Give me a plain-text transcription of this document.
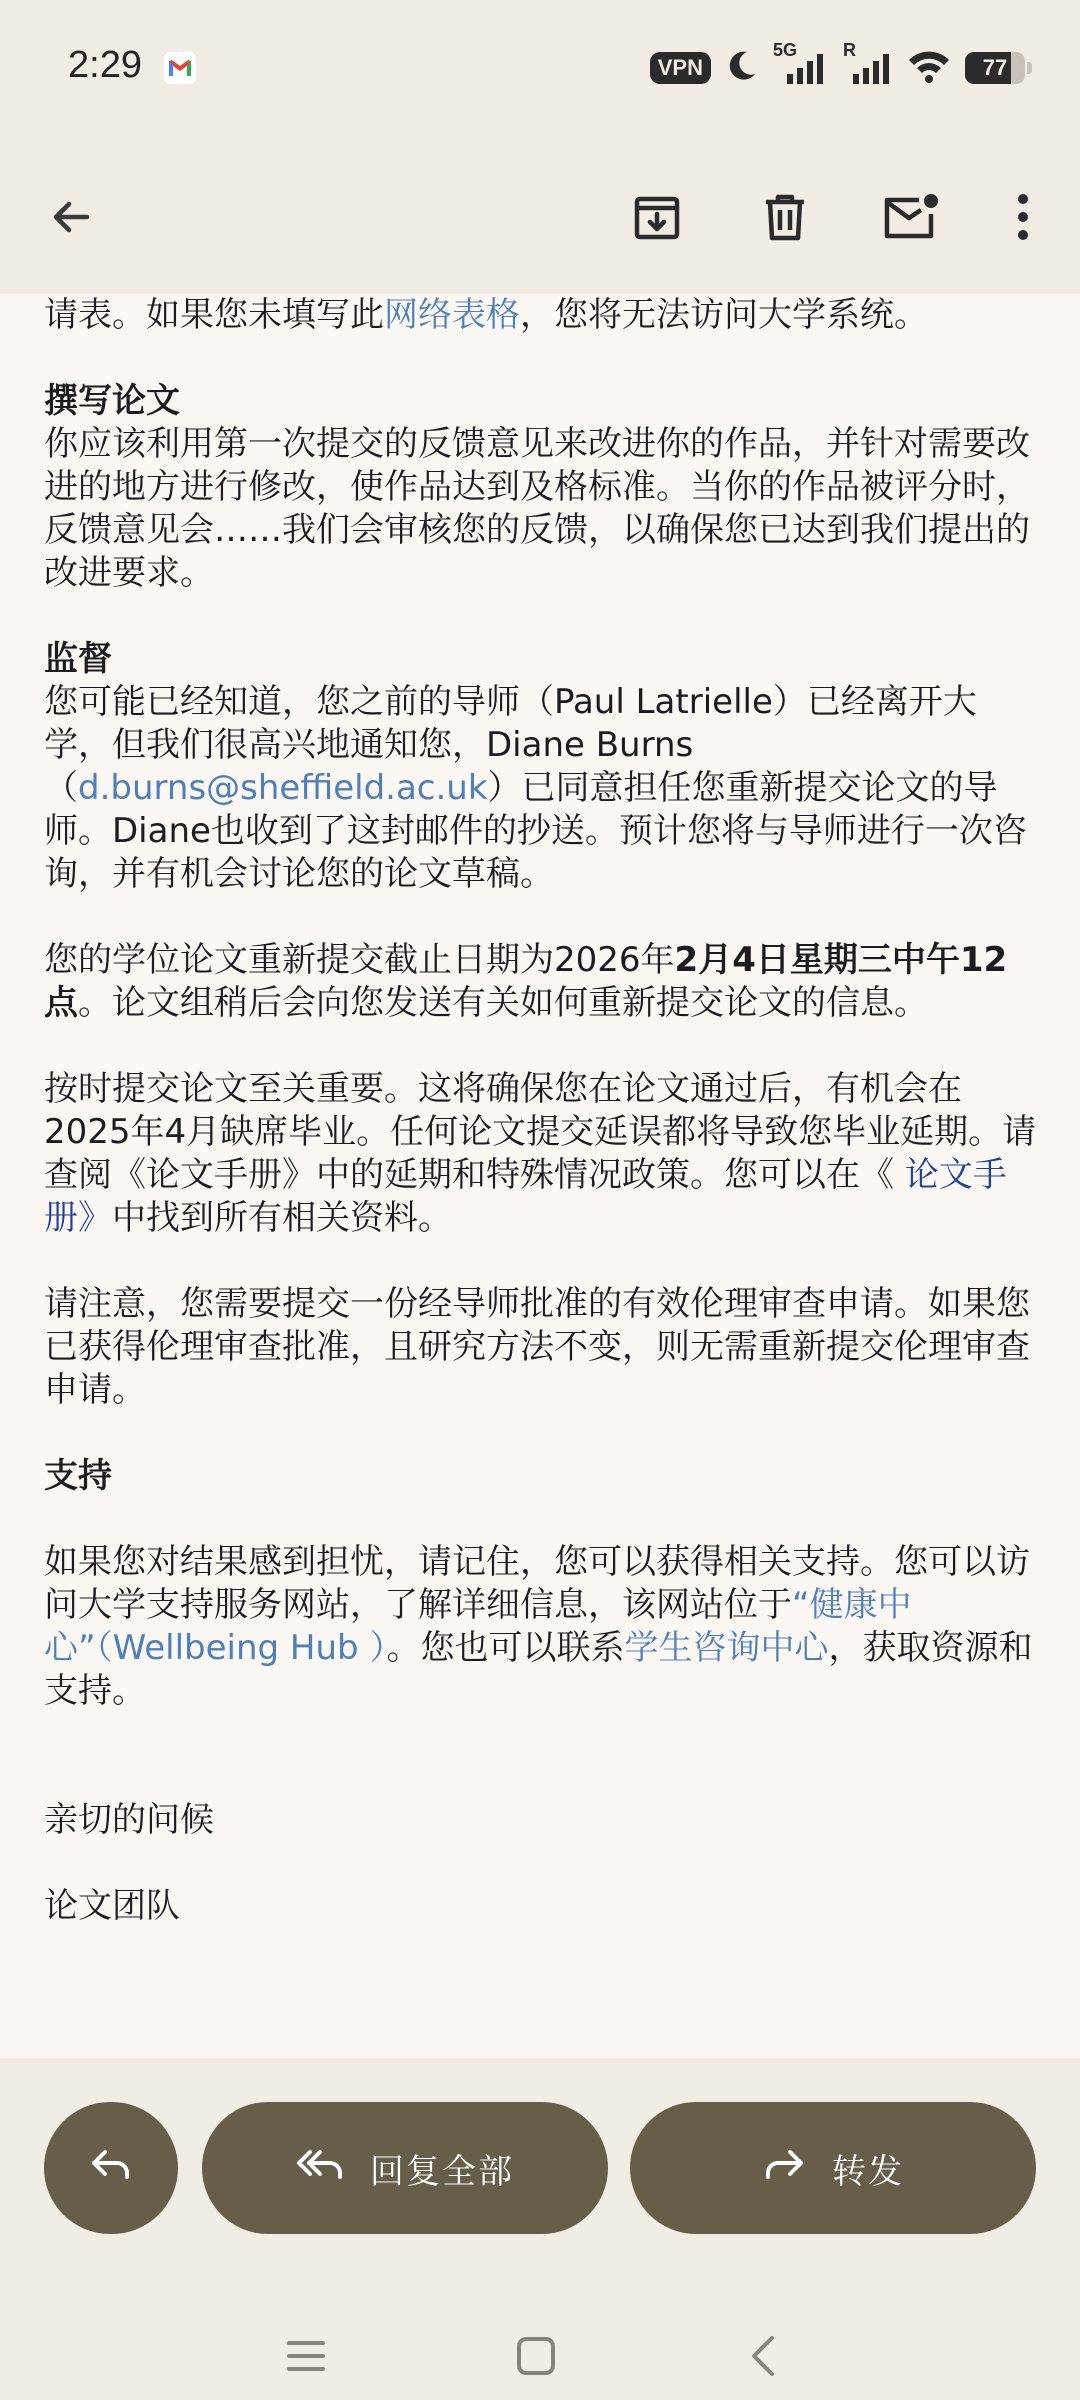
2:29	VPN
5G	R
77

请表。如果您未填写此网络表格，您将无法访问大学系统。

撰写论文

你应该利用第一次提交的反馈意见来改进你的作品，并针对需要改进的地方进行修改，使作品达到及格标准。当你的作品被评分时，反馈意见会……我们会审核您的反馈，以确保您已达到我们提出的改进要求。

监督

您可能已经知道，您之前的导师（Paul Latrielle）已经离开大学，但我们很高兴地通知您，Diane Burns（d.burns@sheffield.ac.uk）已同意担任您重新提交论文的导师。Diane也收到了这封邮件的抄送。预计您将与导师进行一次咨询，并有机会讨论您的论文草稿。

您的学位论文重新提交截止日期为2026年2月4日星期三中午12点。论文组稍后会向您发送有关如何重新提交论文的信息。

按时提交论文至关重要。这将确保您在论文通过后，有机会在2025年4月缺席毕业。任何论文提交延误都将导致您毕业延期。请查阅《论文手册》中的延期和特殊情况政策。您可以在《 论文手册》中找到所有相关资料。

请注意，您需要提交一份经导师批准的有效伦理审查申请。如果您已获得伦理审查批准，且研究方法不变，则无需重新提交伦理审查申请。

支持

如果您对结果感到担忧，请记住，您可以获得相关支持。您可以访问大学支持服务网站，了解详细信息，该网站位于“健康中心”（Wellbeing Hub ）。您也可以联系学生咨询中心，获取资源和支持。

亲切的问候

论文团队

回复全部	转发
